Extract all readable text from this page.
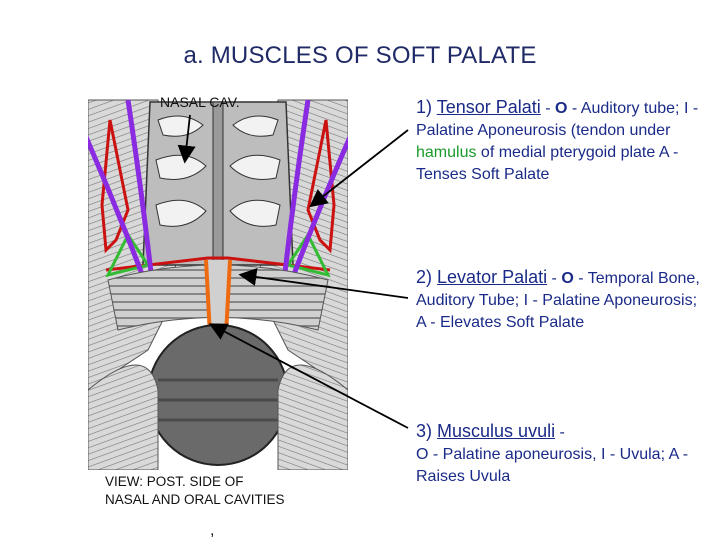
a. MUSCLES OF SOFT PALATE
NASAL CAV.
VIEW: POST. SIDE OF
NASAL AND ORAL CAVITIES
,
1) Tensor Palati - O - Auditory tube; I - Palatine Aponeurosis (tendon under hamulus of medial pterygoid plate A - Tenses Soft Palate
2) Levator Palati - O - Temporal Bone, Auditory Tube; I - Palatine Aponeurosis; A - Elevates Soft Palate
3) Musculus uvuli -
O - Palatine aponeurosis, I - Uvula; A - Raises Uvula
